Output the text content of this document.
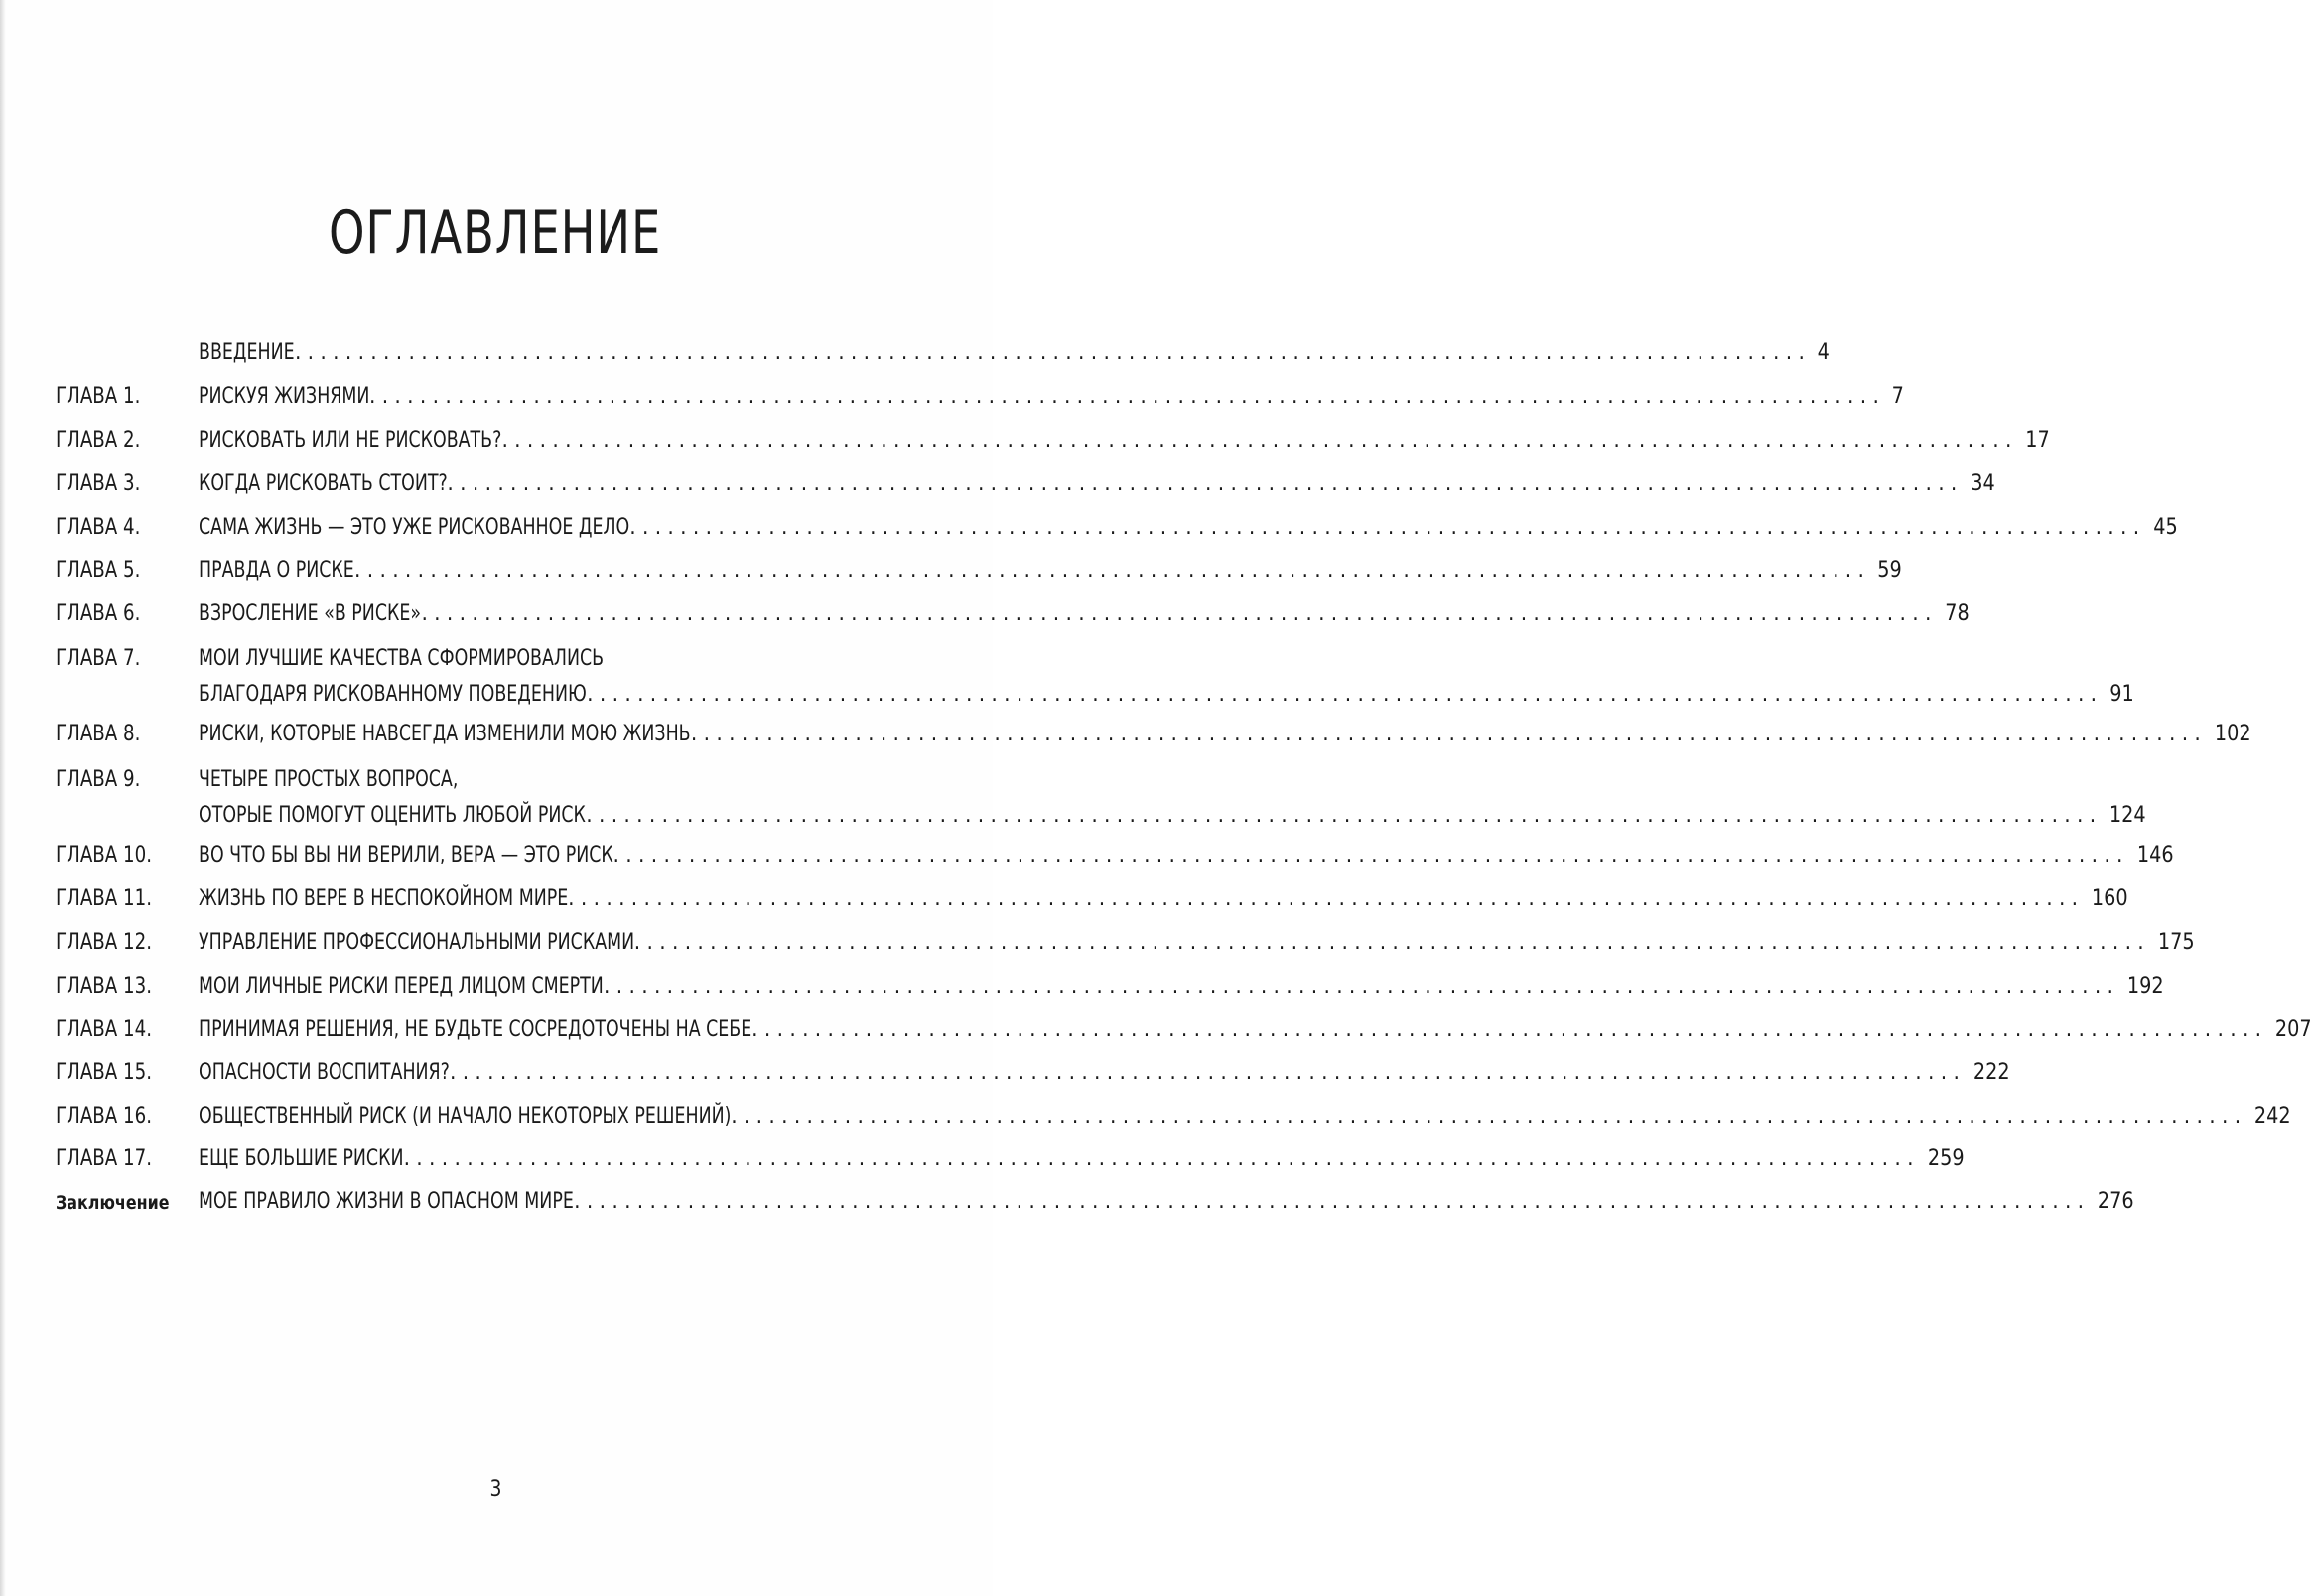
ОГЛАВЛЕНИЕ
ВВЕДЕНИЕ ........................................................................................................................ 4
ГЛАВА 1.	РИСКУЯ ЖИЗНЯМИ ........................................................................................................................ 7
ГЛАВА 2.	РИСКОВАТЬ ИЛИ НЕ РИСКОВАТЬ? ........................................................................................................................ 17
ГЛАВА 3.	КОГДА РИСКОВАТЬ СТОИТ? ........................................................................................................................ 34
ГЛАВА 4.	САМА ЖИЗНЬ — ЭТО УЖЕ РИСКОВАННОЕ ДЕЛО ........................................................................................................................ 45
ГЛАВА 5.	ПРАВДА О РИСКЕ ........................................................................................................................ 59
ГЛАВА 6.	ВЗРОСЛЕНИЕ «В РИСКЕ» ........................................................................................................................ 78
ГЛАВА 7.	МОИ ЛУЧШИЕ КАЧЕСТВА СФОРМИРОВАЛИСЬ
БЛАГОДАРЯ РИСКОВАННОМУ ПОВЕДЕНИЮ ........................................................................................................................ 91
ГЛАВА 8.	РИСКИ, КОТОРЫЕ НАВСЕГДА ИЗМЕНИЛИ МОЮ ЖИЗНЬ ........................................................................................................................ 102
ГЛАВА 9.	ЧЕТЫРЕ ПРОСТЫХ ВОПРОСА,
ОТОРЫЕ ПОМОГУТ ОЦЕНИТЬ ЛЮБОЙ РИСК ........................................................................................................................ 124
ГЛАВА 10. ВО ЧТО БЫ ВЫ НИ ВЕРИЛИ, ВЕРА — ЭТО РИСК ........................................................................................................................ 146
ГЛАВА 11. ЖИЗНЬ ПО ВЕРЕ В НЕСПОКОЙНОМ МИРЕ ........................................................................................................................ 160
ГЛАВА 12. УПРАВЛЕНИЕ ПРОФЕССИОНАЛЬНЫМИ РИСКАМИ ........................................................................................................................ 175
ГЛАВА 13. МОИ ЛИЧНЫЕ РИСКИ ПЕРЕД ЛИЦОМ СМЕРТИ ........................................................................................................................ 192
ГЛАВА 14. ПРИНИМАЯ РЕШЕНИЯ, НЕ БУДЬТЕ СОСРЕДОТОЧЕНЫ НА СЕБЕ ........................................................................................................................ 207
ГЛАВА 15. ОПАСНОСТИ ВОСПИТАНИЯ? ........................................................................................................................ 222
ГЛАВА 16. ОБЩЕСТВЕННЫЙ РИСК (И НАЧАЛО НЕКОТОРЫХ РЕШЕНИЙ) ........................................................................................................................ 242
ГЛАВА 17. ЕЩЕ БОЛЬШИЕ РИСКИ ........................................................................................................................ 259
Заключение МОЕ ПРАВИЛО ЖИЗНИ В ОПАСНОМ МИРЕ ........................................................................................................................ 276
3
